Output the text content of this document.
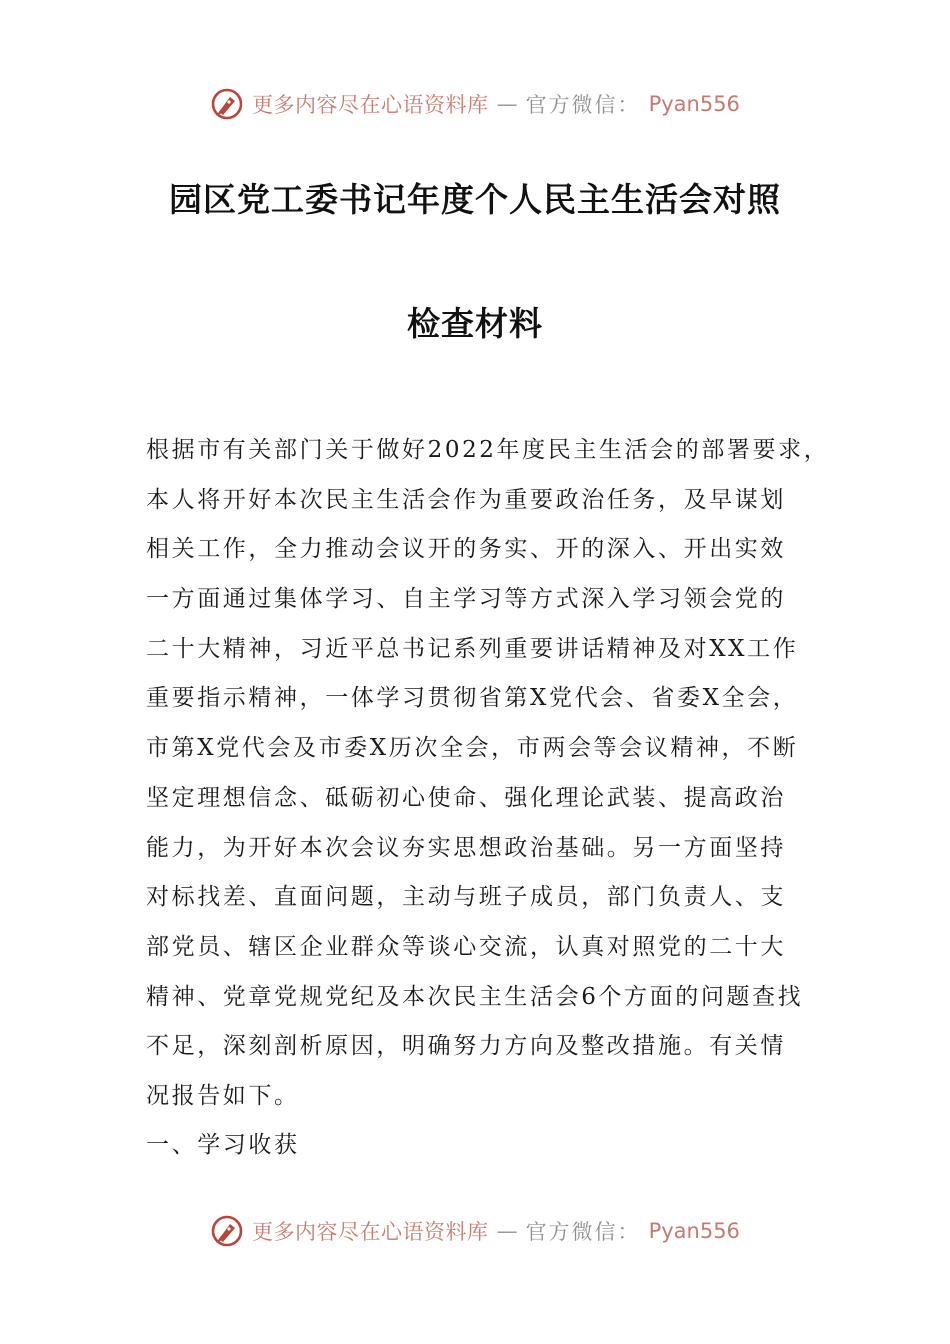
更多内容尽在心语资料库 — 官方微信： Pyan556
园区党工委书记年度个人民主生活会对照
检查材料

根据市有关部门关于做好2022年度民主生活会的部署要求，
本人将开好本次民主生活会作为重要政治任务，及早谋划
相关工作，全力推动会议开的务实、开的深入、开出实效
一方面通过集体学习、自主学习等方式深入学习领会党的
二十大精神，习近平总书记系列重要讲话精神及对XX工作
重要指示精神，一体学习贯彻省第X党代会、省委X全会，
市第X党代会及市委X历次全会，市两会等会议精神，不断
坚定理想信念、砥砺初心使命、强化理论武装、提高政治
能力，为开好本次会议夯实思想政治基础。另一方面坚持
对标找差、直面问题，主动与班子成员，部门负责人、支
部党员、辖区企业群众等谈心交流，认真对照党的二十大
精神、党章党规党纪及本次民主生活会6个方面的问题查找
不足，深刻剖析原因，明确努力方向及整改措施。有关情
况报告如下。

一、学习收获
更多内容尽在心语资料库 — 官方微信： Pyan556
